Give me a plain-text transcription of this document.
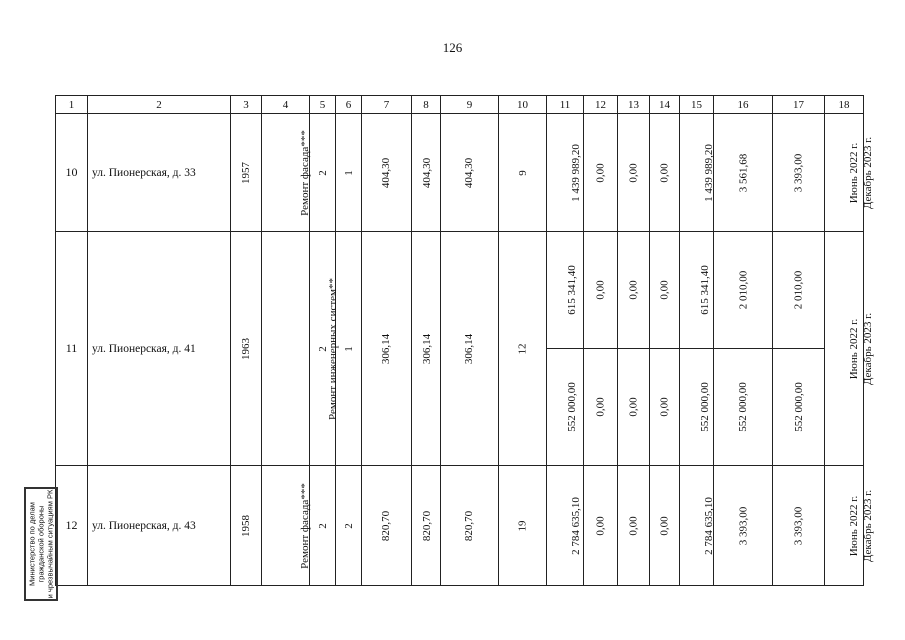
126
1	2	3	4	5	6	7	8	9	10	11	12	13	14	15	16	17	18
10	ул. Пионерская, д. 33	1957	Ремонт фасада***	2	1	404,30	404,30	404,30	9	1 439 989,20	0,00	0,00	0,00	1 439 989,20	3 561,68	3 393,00	Июнь 2022 г. Декабрь 2023 г.
11	ул. Пионерская, д. 41	1963	Ремонт инженерных систем**	2	1	306,14	306,14	306,14	12	615 341,40	0,00	0,00	0,00	615 341,40	2 010,00	2 010,00	Июнь 2022 г. Декабрь 2023 г.
										552 000,00	0,00	0,00	0,00	552 000,00	552 000,00	552 000,00	
12	ул. Пионерская, д. 43	1958	Ремонт фасада***	2	2	820,70	820,70	820,70	19	2 784 635,10	0,00	0,00	0,00	2 784 635,10	3 393,00	3 393,00	Июнь 2022 г. Декабрь 2023 г.
Министерство по делам
гражданской обороны
и чрезвычайным ситуациям РК
